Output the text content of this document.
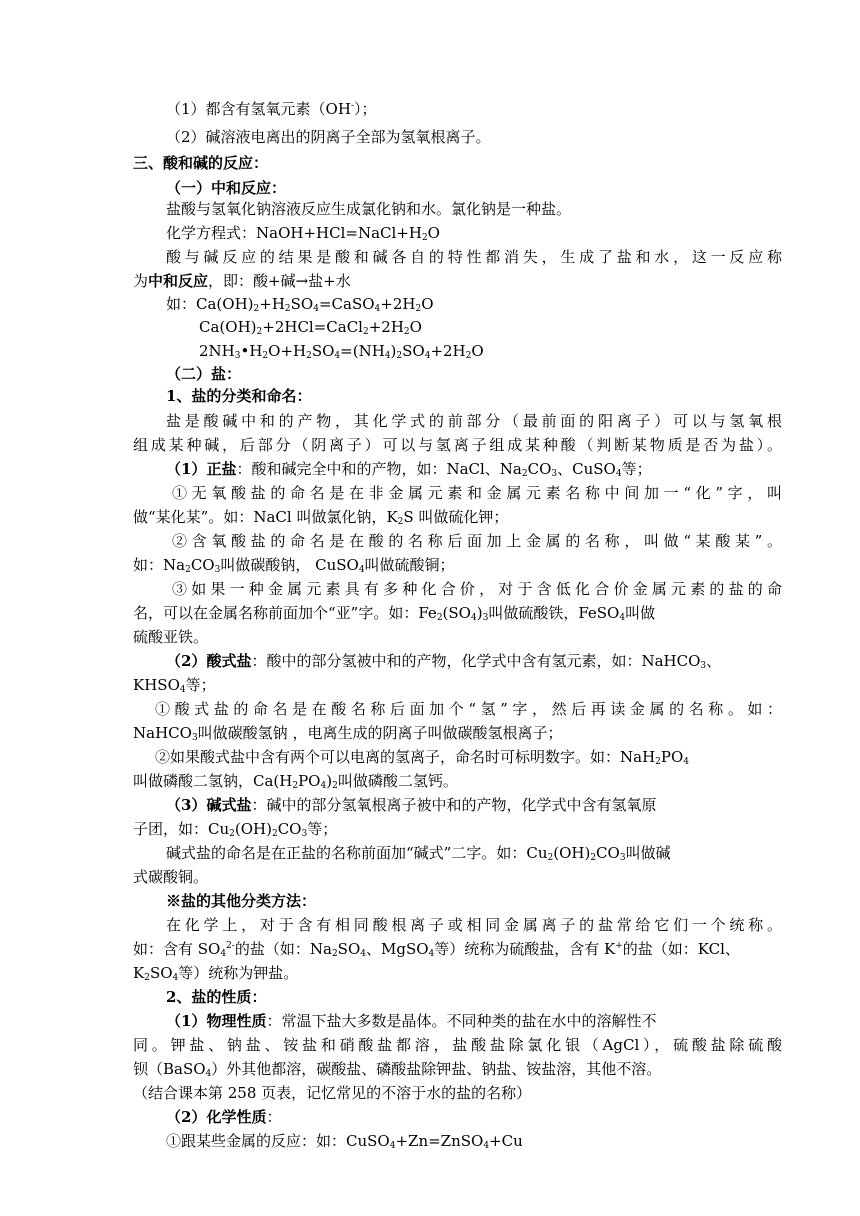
（1）都含有氢氧元素（OH-）；
（2）碱溶液电离出的阴离子全部为氢氧根离子。
三、酸和碱的反应：
（一）中和反应：
盐酸与氢氧化钠溶液反应生成氯化钠和水。氯化钠是一种盐。
化学方程式：$NaOH+HCl=NaCl+H_2O$
酸与碱反应的结果是酸和碱各自的特性都消失，生成了盐和水，这一反应称
为中和反应，即：酸+碱→盐+水
如：$Ca(OH)_2+H_2SO_4=CaSO_4+2H_2O$
$Ca(OH)_2+2HCl=CaCl_2+2H_2O$
$2NH_3•H_2O+H_2SO_4=(NH_4)_2SO_4+2H_2O$
（二）盐：
1、盐的分类和命名：
盐是酸碱中和的产物，其化学式的前部分（最前面的阳离子）可以与氢氧根
组成某种碱，后部分（阴离子）可以与氢离子组成某种酸（判断某物质是否为盐）。
（1）正盐：酸和碱完全中和的产物，如：NaCl、$Na_2CO_3$、CuSO$_4$等；
①无氧酸盐的命名是在非金属元素和金属元素名称中间加一“化”字，叫
做“某化某”。如：NaCl 叫做氯化钠，$K_2S$ 叫做硫化钾；
②含氧酸盐的命名是在酸的名称后面加上金属的名称，叫做“某酸某”。
如：$Na_2CO_3$叫做碳酸钠， CuSO$_4$叫做硫酸铜；
③如果一种金属元素具有多种化合价，对于含低化合价金属元素的盐的命
名，可以在金属名称前面加个“亚”字。如：$Fe_2(SO_4)_3$叫做硫酸铁，FeSO$_4$叫做
硫酸亚铁。
（2）酸式盐：酸中的部分氢被中和的产物，化学式中含有氢元素，如：NaHCO$_3$、
$KHSO_4$等；
①酸式盐的命名是在酸名称后面加个“氢”字，然后再读金属的名称。如：
NaHCO$_3$叫做碳酸氢钠 ，电离生成的阴离子叫做碳酸氢根离子；
②如果酸式盐中含有两个可以电离的氢离子，命名时可标明数字。如：$NaH_2PO_4$
叫做磷酸二氢钠，$Ca(H_2PO_4)_2$叫做磷酸二氢钙。
（3）碱式盐：碱中的部分氢氧根离子被中和的产物，化学式中含有氢氧原
子团，如：$Cu_2(OH)_2CO_3$等；
碱式盐的命名是在正盐的名称前面加“碱式”二字。如：$Cu_2(OH)_2CO_3$叫做碱
式碳酸铜。
※盐的其他分类方法：
在化学上，对于含有相同酸根离子或相同金属离子的盐常给它们一个统称。
如：含有 $SO_4^{2-}$的盐（如：$Na_2SO_4$、MgSO$_4$等）统称为硫酸盐，含有 K+的盐（如：KCl、
$K_2SO_4$等）统称为钾盐。
2、盐的性质：
（1）物理性质：常温下盐大多数是晶体。不同种类的盐在水中的溶解性不
同。钾盐、钠盐、铵盐和硝酸盐都溶，盐酸盐除氯化银（AgCl），硫酸盐除硫酸
钡（BaSO$_4$）外其他都溶，碳酸盐、磷酸盐除钾盐、钠盐、铵盐溶，其他不溶。
（结合课本第 258 页表，记忆常见的不溶于水的盐的名称）
（2）化学性质：
①跟某些金属的反应：如：CuSO$_4$+Zn=ZnSO$_4$+Cu
